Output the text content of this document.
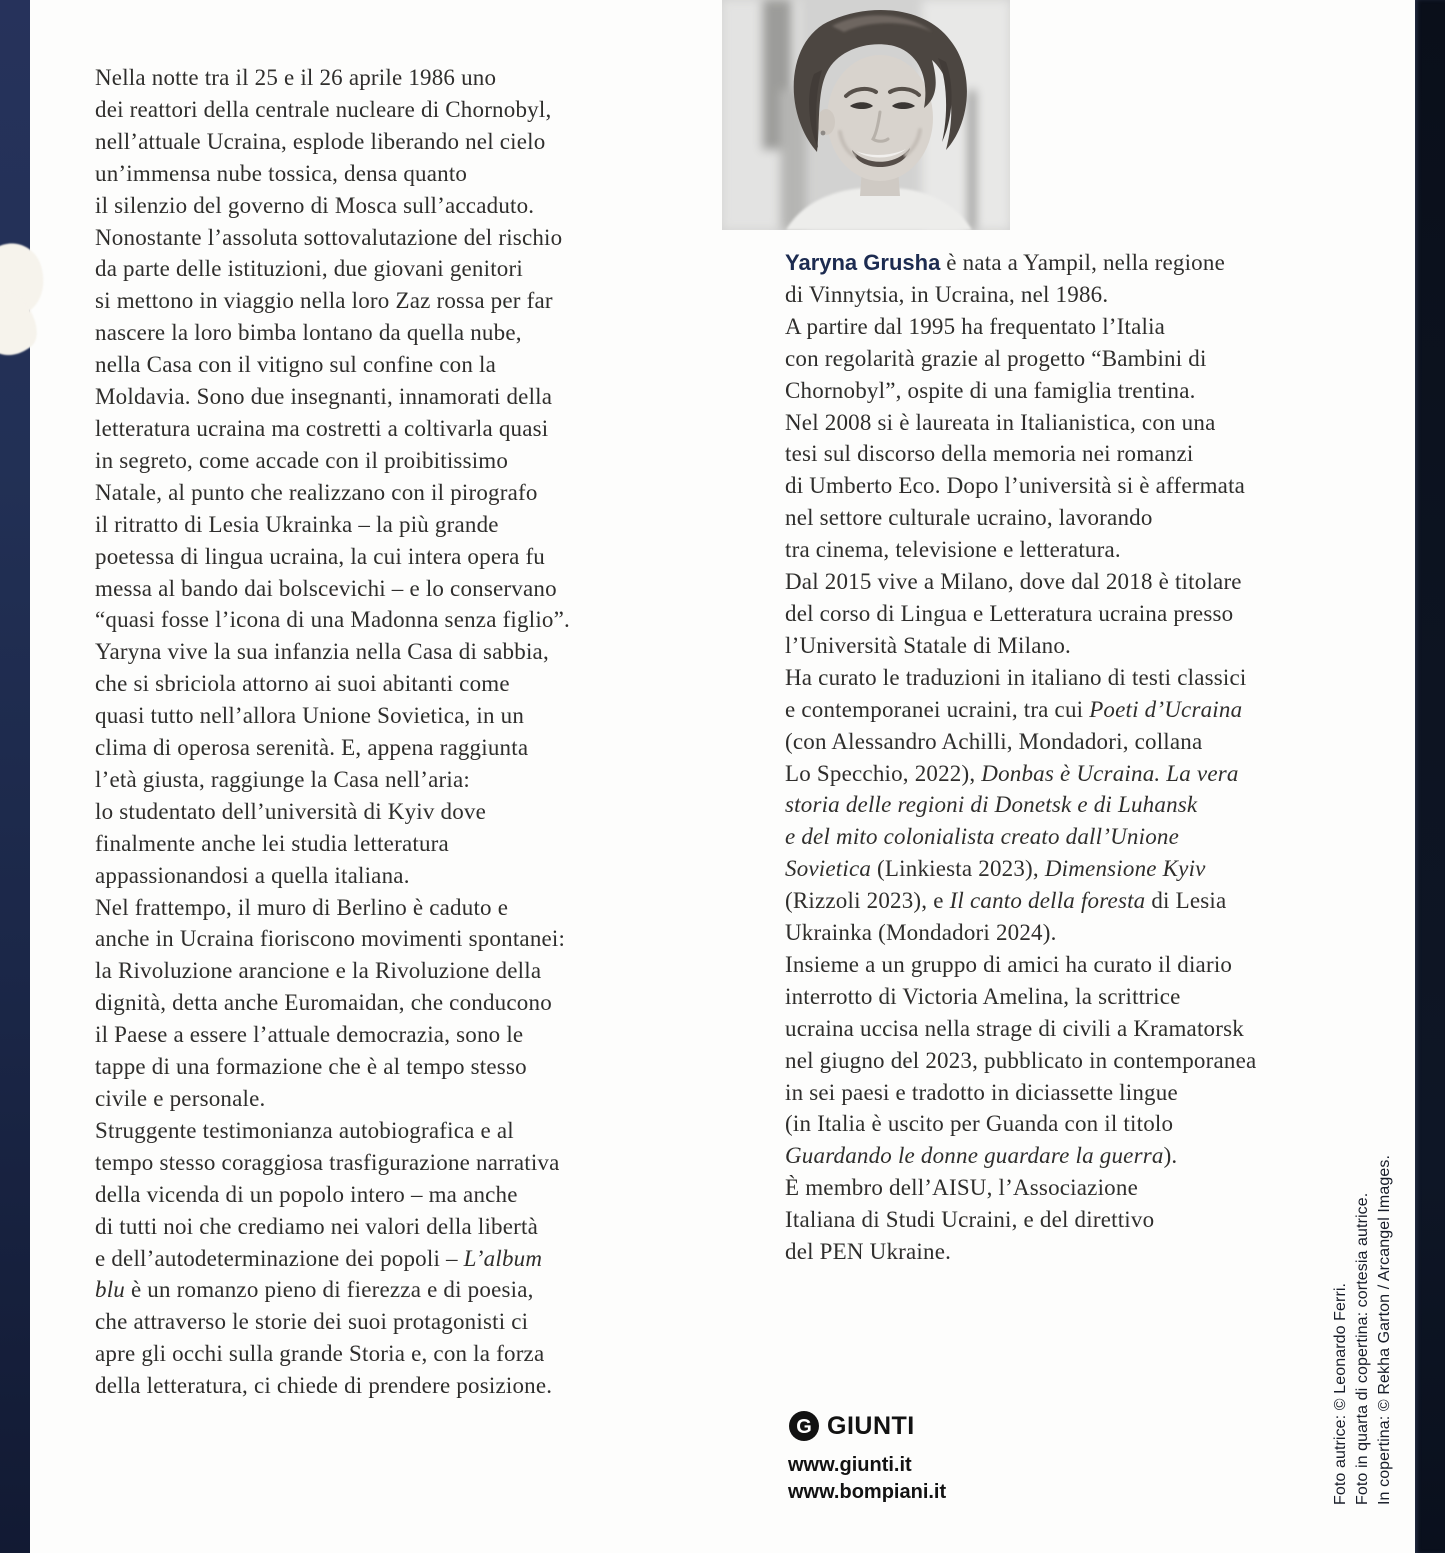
Nella notte tra il 25 e il 26 aprile 1986 uno
dei reattori della centrale nucleare di Chornobyl,
nell’attuale Ucraina, esplode liberando nel cielo
un’immensa nube tossica, densa quanto
il silenzio del governo di Mosca sull’accaduto.
Nonostante l’assoluta sottovalutazione del rischio
da parte delle istituzioni, due giovani genitori
si mettono in viaggio nella loro Zaz rossa per far
nascere la loro bimba lontano da quella nube,
nella Casa con il vitigno sul confine con la
Moldavia. Sono due insegnanti, innamorati della
letteratura ucraina ma costretti a coltivarla quasi
in segreto, come accade con il proibitissimo
Natale, al punto che realizzano con il pirografo
il ritratto di Lesia Ukrainka – la più grande
poetessa di lingua ucraina, la cui intera opera fu
messa al bando dai bolscevichi – e lo conservano
“quasi fosse l’icona di una Madonna senza figlio”.
Yaryna vive la sua infanzia nella Casa di sabbia,
che si sbriciola attorno ai suoi abitanti come
quasi tutto nell’allora Unione Sovietica, in un
clima di operosa serenità. E, appena raggiunta
l’età giusta, raggiunge la Casa nell’aria:
lo studentato dell’università di Kyiv dove
finalmente anche lei studia letteratura
appassionandosi a quella italiana.
Nel frattempo, il muro di Berlino è caduto e
anche in Ucraina fioriscono movimenti spontanei:
la Rivoluzione arancione e la Rivoluzione della
dignità, detta anche Euromaidan, che conducono
il Paese a essere l’attuale democrazia, sono le
tappe di una formazione che è al tempo stesso
civile e personale.
Struggente testimonianza autobiografica e al
tempo stesso coraggiosa trasfigurazione narrativa
della vicenda di un popolo intero – ma anche
di tutti noi che crediamo nei valori della libertà
e dell’autodeterminazione dei popoli – L’album
blu è un romanzo pieno di fierezza e di poesia,
che attraverso le storie dei suoi protagonisti ci
apre gli occhi sulla grande Storia e, con la forza
della letteratura, ci chiede di prendere posizione.
Yaryna Grusha è nata a Yampil, nella regione
di Vinnytsia, in Ucraina, nel 1986.
A partire dal 1995 ha frequentato l’Italia
con regolarità grazie al progetto “Bambini di
Chornobyl”, ospite di una famiglia trentina.
Nel 2008 si è laureata in Italianistica, con una
tesi sul discorso della memoria nei romanzi
di Umberto Eco. Dopo l’università si è affermata
nel settore culturale ucraino, lavorando
tra cinema, televisione e letteratura.
Dal 2015 vive a Milano, dove dal 2018 è titolare
del corso di Lingua e Letteratura ucraina presso
l’Università Statale di Milano.
Ha curato le traduzioni in italiano di testi classici
e contemporanei ucraini, tra cui Poeti d’Ucraina
(con Alessandro Achilli, Mondadori, collana
Lo Specchio, 2022), Donbas è Ucraina. La vera
storia delle regioni di Donetsk e di Luhansk
e del mito colonialista creato dall’Unione
Sovietica (Linkiesta 2023), Dimensione Kyiv
(Rizzoli 2023), e Il canto della foresta di Lesia
Ukrainka (Mondadori 2024).
Insieme a un gruppo di amici ha curato il diario
interrotto di Victoria Amelina, la scrittrice
ucraina uccisa nella strage di civili a Kramatorsk
nel giugno del 2023, pubblicato in contemporanea
in sei paesi e tradotto in diciassette lingue
(in Italia è uscito per Guanda con il titolo
Guardando le donne guardare la guerra).
È membro dell’AISU, l’Associazione
Italiana di Studi Ucraini, e del direttivo
del PEN Ukraine.
G GIUNTI
www.giunti.it
www.bompiani.it	Foto autrice: © Leonardo Ferri. Foto in quarta di copertina: cortesia autrice. In copertina: © Rekha Garton / Arcangel Images.
